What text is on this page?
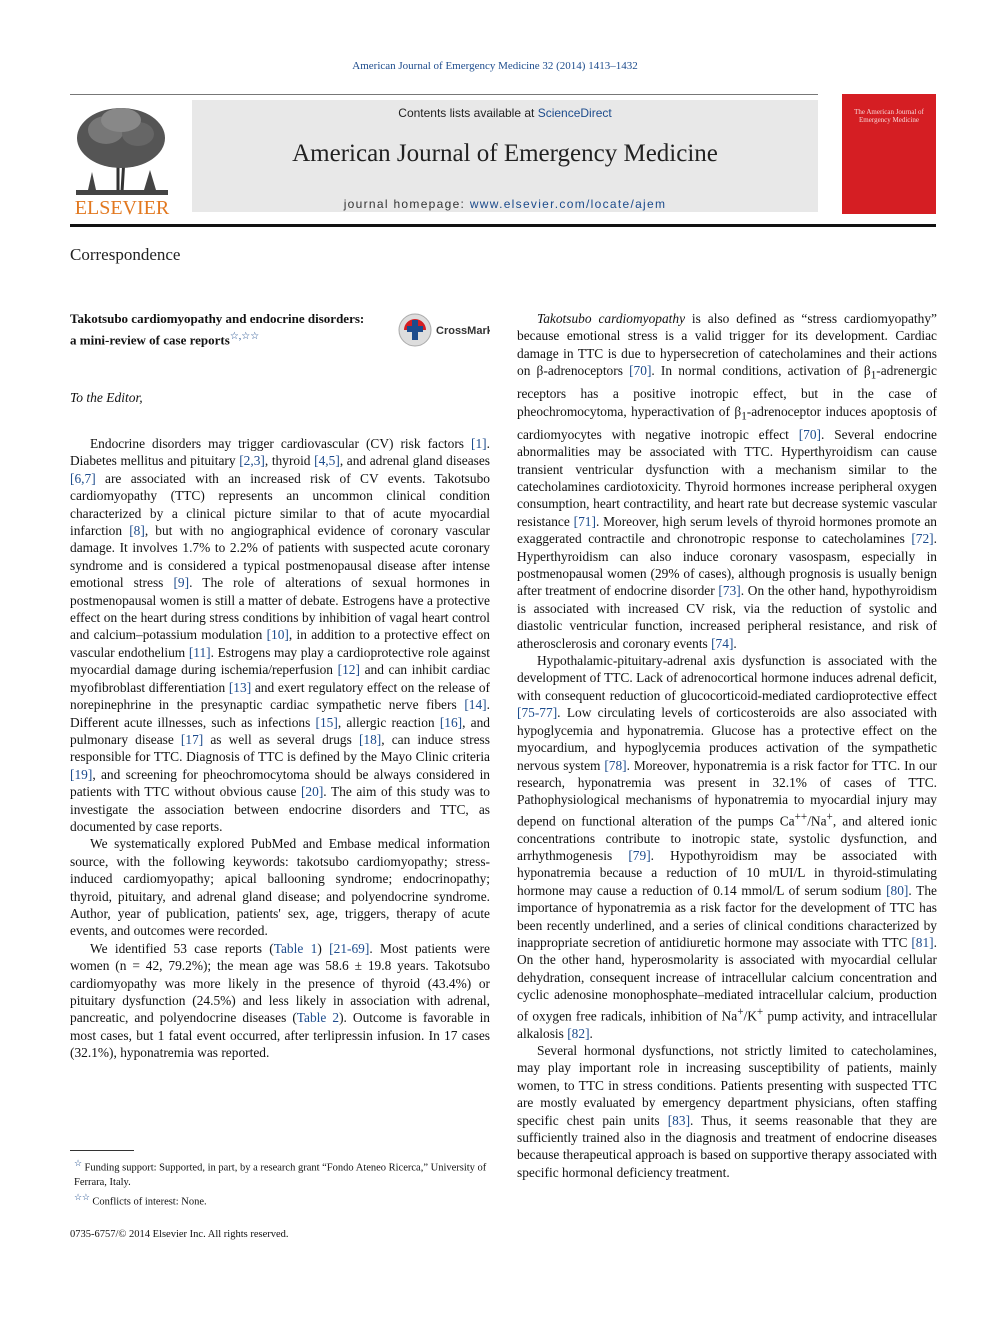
American Journal of Emergency Medicine 32 (2014) 1413–1432
ELSEVIER
Contents lists available at ScienceDirect
American Journal of Emergency Medicine
journal homepage: www.elsevier.com/locate/ajem
The American Journal of Emergency Medicine
Correspondence
Takotsubo cardiomyopathy and endocrine disorders: a mini-review of case reports☆,☆☆	CrossMark
To the Editor,

Endocrine disorders may trigger cardiovascular (CV) risk factors [1]. Diabetes mellitus and pituitary [2,3], thyroid [4,5], and adrenal gland diseases [6,7] are associated with an increased risk of CV events. Takotsubo cardiomyopathy (TTC) represents an uncommon clinical condition characterized by a clinical picture similar to that of acute myocardial infarction [8], but with no angiographical evidence of coronary vascular damage. It involves 1.7% to 2.2% of patients with suspected acute coronary syndrome and is considered a typical postmenopausal disease after intense emotional stress [9]. The role of alterations of sexual hormones in postmenopausal women is still a matter of debate. Estrogens have a protective effect on the heart during stress conditions by inhibition of vagal heart control and calcium–potassium modulation [10], in addition to a protective effect on vascular endothelium [11]. Estrogens may play a cardioprotective role against myocardial damage during ischemia/reperfusion [12] and can inhibit cardiac myofibroblast differentiation [13] and exert regulatory effect on the release of norepinephrine in the presynaptic cardiac sympathetic nerve fibers [14]. Different acute illnesses, such as infections [15], allergic reaction [16], and pulmonary disease [17] as well as several drugs [18], can induce stress responsible for TTC. Diagnosis of TTC is defined by the Mayo Clinic criteria [19], and screening for pheochromocytoma should be always considered in patients with TTC without obvious cause [20]. The aim of this study was to investigate the association between endocrine disorders and TTC, as documented by case reports.

We systematically explored PubMed and Embase medical information source, with the following keywords: takotsubo cardiomyopathy; stress-induced cardiomyopathy; apical ballooning syndrome; endocrinopathy; thyroid, pituitary, and adrenal gland disease; and polyendocrine syndrome. Author, year of publication, patients' sex, age, triggers, therapy of acute events, and outcomes were recorded.

We identified 53 case reports (Table 1) [21-69]. Most patients were women (n = 42, 79.2%); the mean age was 58.6 ± 19.8 years. Takotsubo cardiomyopathy was more likely in the presence of thyroid (43.4%) or pituitary dysfunction (24.5%) and less likely in association with adrenal, pancreatic, and polyendocrine diseases (Table 2). Outcome is favorable in most cases, but 1 fatal event occurred, after terlipressin infusion. In 17 cases (32.1%), hyponatremia was reported.

Takotsubo cardiomyopathy is also defined as “stress cardiomyopathy” because emotional stress is a valid trigger for its development. Cardiac damage in TTC is due to hypersecretion of catecholamines and their actions on β-adrenoceptors [70]. In normal conditions, activation of $\beta_1$-adrenergic receptors has a positive inotropic effect, but in the case of pheochromocytoma, hyperactivation of $\beta_1$-adrenoceptor induces apoptosis of cardiomyocytes with negative inotropic effect [70]. Several endocrine abnormalities may be associated with TTC. Hyperthyroidism can cause transient ventricular dysfunction with a mechanism similar to the catecholamines cardiotoxicity. Thyroid hormones increase peripheral oxygen consumption, heart contractility, and heart rate but decrease systemic vascular resistance [71]. Moreover, high serum levels of thyroid hormones promote an exaggerated contractile and chronotropic response to catecholamines [72]. Hyperthyroidism can also induce coronary vasospasm, especially in postmenopausal women (29% of cases), although prognosis is usually benign after treatment of endocrine disorder [73]. On the other hand, hypothyroidism is associated with increased CV risk, via the reduction of systolic and diastolic ventricular function, increased peripheral resistance, and risk of atherosclerosis and coronary events [74].

Hypothalamic-pituitary-adrenal axis dysfunction is associated with the development of TTC. Lack of adrenocortical hormone induces adrenal deficit, with consequent reduction of glucocorticoid-mediated cardioprotective effect [75-77]. Low circulating levels of corticosteroids are also associated with hypoglycemia and hyponatremia. Glucose has a protective effect on the myocardium, and hypoglycemia produces activation of the sympathetic nervous system [78]. Moreover, hyponatremia is a risk factor for TTC. In our research, hyponatremia was present in 32.1% of cases of TTC. Pathophysiological mechanisms of hyponatremia to myocardial injury may depend on functional alteration of the pumps Ca++/Na+, and altered ionic concentrations contribute to inotropic state, systolic dysfunction, and arrhythmogenesis [79]. Hypothyroidism may be associated with hyponatremia because a reduction of 10 mUI/L in thyroid-stimulating hormone may cause a reduction of 0.14 mmol/L of serum sodium [80]. The importance of hyponatremia as a risk factor for the development of TTC has been recently underlined, and a series of clinical conditions characterized by inappropriate secretion of antidiuretic hormone may associate with TTC [81]. On the other hand, hyperosmolarity is associated with myocardial cellular dehydration, consequent increase of intracellular calcium concentration and cyclic adenosine monophosphate–mediated intracellular calcium, production of oxygen free radicals, inhibition of Na+/K+ pump activity, and intracellular alkalosis [82].

Several hormonal dysfunctions, not strictly limited to catecholamines, may play important role in increasing susceptibility of patients, mainly women, to TTC in stress conditions. Patients presenting with suspected TTC are mostly evaluated by emergency department physicians, often staffing specific chest pain units [83]. Thus, it seems reasonable that they are sufficiently trained also in the diagnosis and treatment of endocrine diseases because therapeutical approach is based on supportive therapy associated with specific hormonal deficiency treatment.

☆ Funding support: Supported, in part, by a research grant “Fondo Ateneo Ricerca,” University of Ferrara, Italy.

☆☆ Conflicts of interest: None.

0735-6757/© 2014 Elsevier Inc. All rights reserved.
